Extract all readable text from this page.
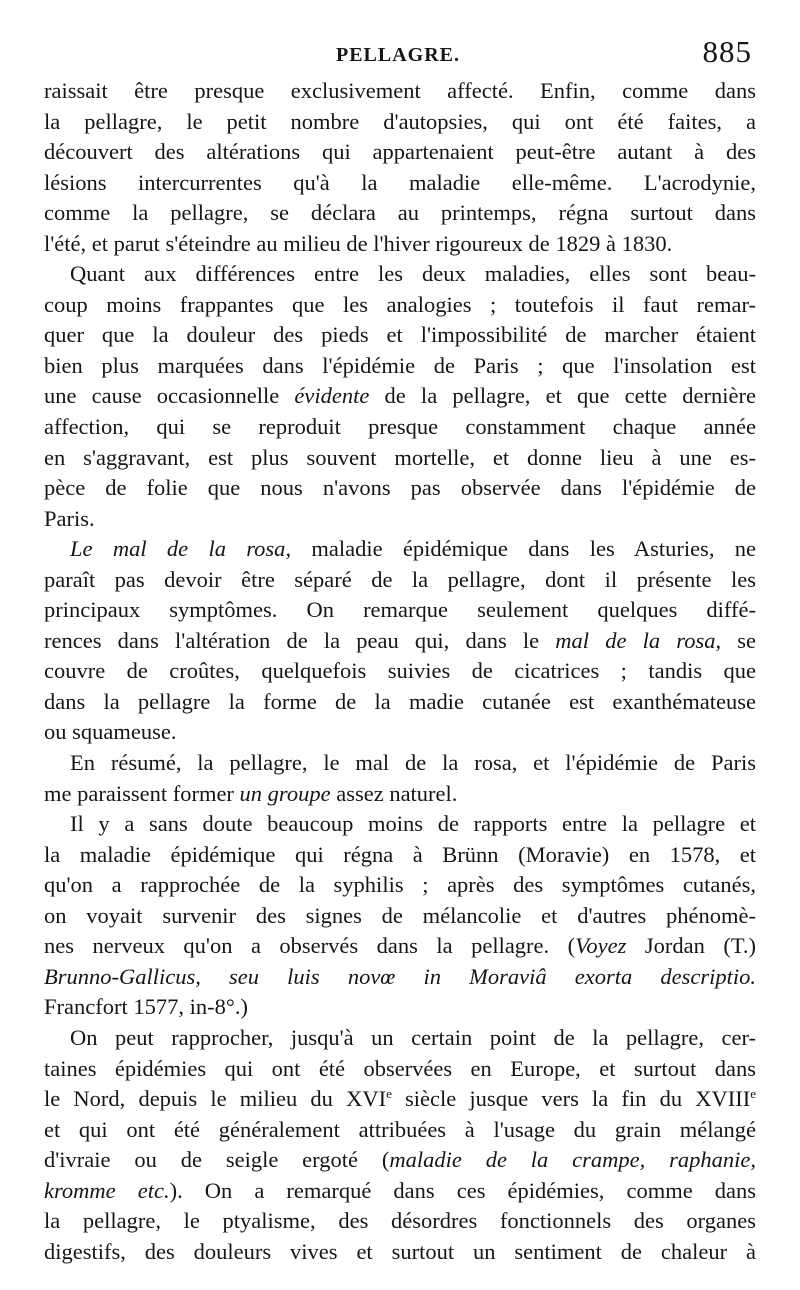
PELLAGRE.	885
raissait être presque exclusivement affecté. Enfin, comme dans
la pellagre, le petit nombre d'autopsies, qui ont été faites, a
découvert des altérations qui appartenaient peut-être autant à des
lésions intercurrentes qu'à la maladie elle-même. L'acrodynie,
comme la pellagre, se déclara au printemps, régna surtout dans
l'été, et parut s'éteindre au milieu de l'hiver rigoureux de 1829 à 1830.
Quant aux différences entre les deux maladies, elles sont beau-
coup moins frappantes que les analogies ; toutefois il faut remar-
quer que la douleur des pieds et l'impossibilité de marcher étaient
bien plus marquées dans l'épidémie de Paris ; que l'insolation est
une cause occasionnelle évidente de la pellagre, et que cette dernière
affection, qui se reproduit presque constamment chaque année
en s'aggravant, est plus souvent mortelle, et donne lieu à une es-
pèce de folie que nous n'avons pas observée dans l'épidémie de
Paris.
Le mal de la rosa, maladie épidémique dans les Asturies, ne
paraît pas devoir être séparé de la pellagre, dont il présente les
principaux symptômes. On remarque seulement quelques diffé-
rences dans l'altération de la peau qui, dans le mal de la rosa, se
couvre de croûtes, quelquefois suivies de cicatrices ; tandis que
dans la pellagre la forme de la madie cutanée est exanthémateuse
ou squameuse.
En résumé, la pellagre, le mal de la rosa, et l'épidémie de Paris
me paraissent former un groupe assez naturel.
Il y a sans doute beaucoup moins de rapports entre la pellagre et
la maladie épidémique qui régna à Brünn (Moravie) en 1578, et
qu'on a rapprochée de la syphilis ; après des symptômes cutanés,
on voyait survenir des signes de mélancolie et d'autres phénomè-
nes nerveux qu'on a observés dans la pellagre. (Voyez Jordan (T.)
Brunno-Gallicus, seu luis novœ in Moraviâ exorta descriptio.
Francfort 1577, in-8°.)
On peut rapprocher, jusqu'à un certain point de la pellagre, cer-
taines épidémies qui ont été observées en Europe, et surtout dans
le Nord, depuis le milieu du XVIe siècle jusque vers la fin du XVIIIe
et qui ont été généralement attribuées à l'usage du grain mélangé
d'ivraie ou de seigle ergoté (maladie de la crampe, raphanie,
kromme etc.). On a remarqué dans ces épidémies, comme dans
la pellagre, le ptyalisme, des désordres fonctionnels des organes
digestifs, des douleurs vives et surtout un sentiment de chaleur à
